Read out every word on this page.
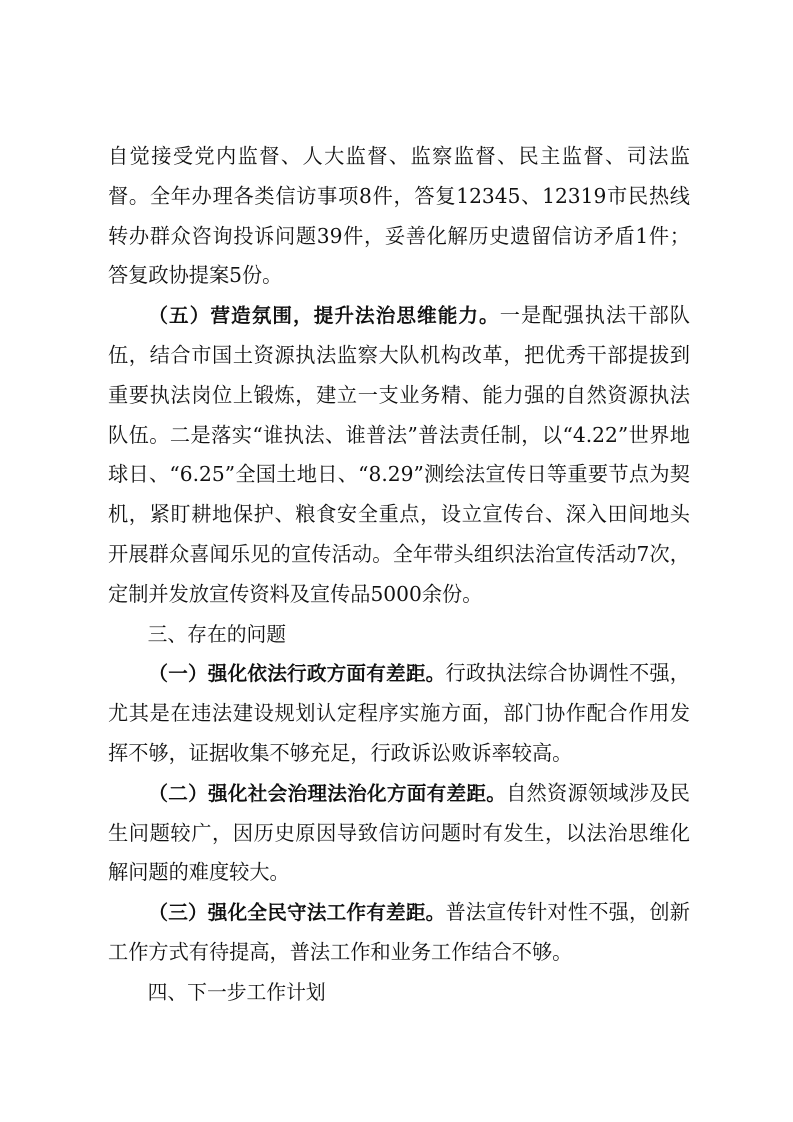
自觉接受党内监督、人大监督、监察监督、民主监督、司法监督。全年办理各类信访事项8件，答复12345、12319市民热线转办群众咨询投诉问题39件，妥善化解历史遗留信访矛盾1件；答复政协提案5份。

（五）营造氛围，提升法治思维能力。一是配强执法干部队伍，结合市国土资源执法监察大队机构改革，把优秀干部提拔到重要执法岗位上锻炼，建立一支业务精、能力强的自然资源执法队伍。二是落实“谁执法、谁普法”普法责任制，以“4.22”世界地球日、“6.25”全国土地日、“8.29”测绘法宣传日等重要节点为契机，紧盯耕地保护、粮食安全重点，设立宣传台、深入田间地头开展群众喜闻乐见的宣传活动。全年带头组织法治宣传活动7次，定制并发放宣传资料及宣传品5000余份。

三、存在的问题

（一）强化依法行政方面有差距。行政执法综合协调性不强，尤其是在违法建设规划认定程序实施方面，部门协作配合作用发挥不够，证据收集不够充足，行政诉讼败诉率较高。

（二）强化社会治理法治化方面有差距。自然资源领域涉及民生问题较广，因历史原因导致信访问题时有发生，以法治思维化解问题的难度较大。

（三）强化全民守法工作有差距。普法宣传针对性不强，创新工作方式有待提高，普法工作和业务工作结合不够。

四、下一步工作计划
